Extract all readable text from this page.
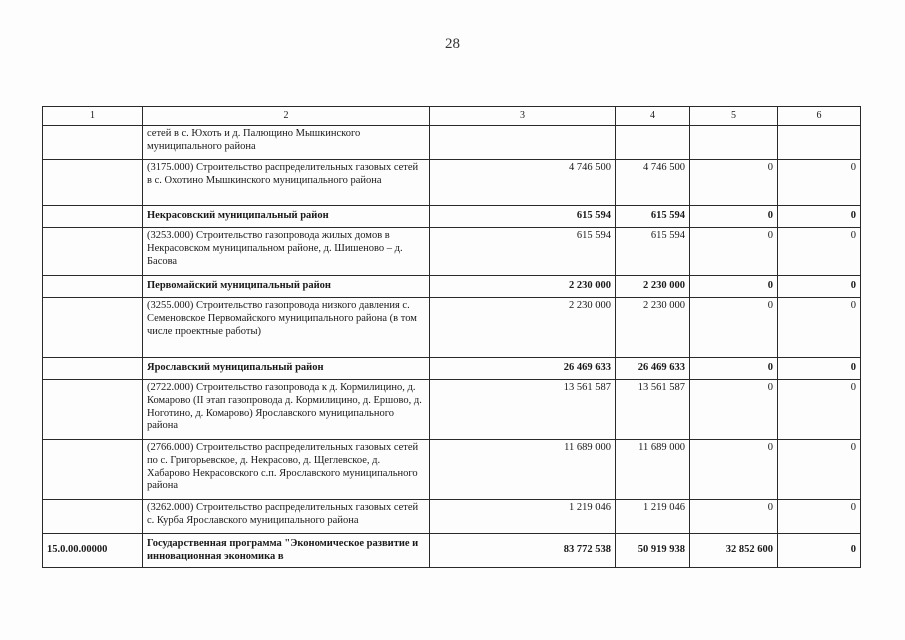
28
1	2	3	4	5	6
	сетей в с. Юхоть и д. Палющино Мышкинского муниципального района				
	(3175.000) Строительство распределительных газовых сетей в с. Охотино Мышкинского муниципального района	4 746 500	4 746 500	0	0
	Некрасовский муниципальный район	615 594	615 594	0	0
	(3253.000) Строительство газопровода жилых домов в Некрасовском муниципальном районе, д. Шишеново – д. Басова	615 594	615 594	0	0
	Первомайский муниципальный район	2 230 000	2 230 000	0	0
	(3255.000) Строительство газопровода низкого давления с. Семеновское Первомайского муниципального района (в том числе проектные работы)	2 230 000	2 230 000	0	0
	Ярославский муниципальный район	26 469 633	26 469 633	0	0
	(2722.000) Строительство газопровода к д. Кормилицино, д. Комарово (II этап газопровода д. Кормилицино, д. Ершово, д. Ноготино, д. Комарово) Ярославского муниципального района	13 561 587	13 561 587	0	0
	(2766.000) Строительство распределительных газовых сетей по с. Григорьевское, д. Некрасово, д. Щеглевское, д. Хабарово Некрасовского с.п. Ярославского муниципального района	11 689 000	11 689 000	0	0
	(3262.000) Строительство распределительных газовых сетей с. Курба Ярославского муниципального района	1 219 046	1 219 046	0	0
15.0.00.00000	Государственная программа "Экономическое развитие и инновационная экономика в	83 772 538	50 919 938	32 852 600	0
